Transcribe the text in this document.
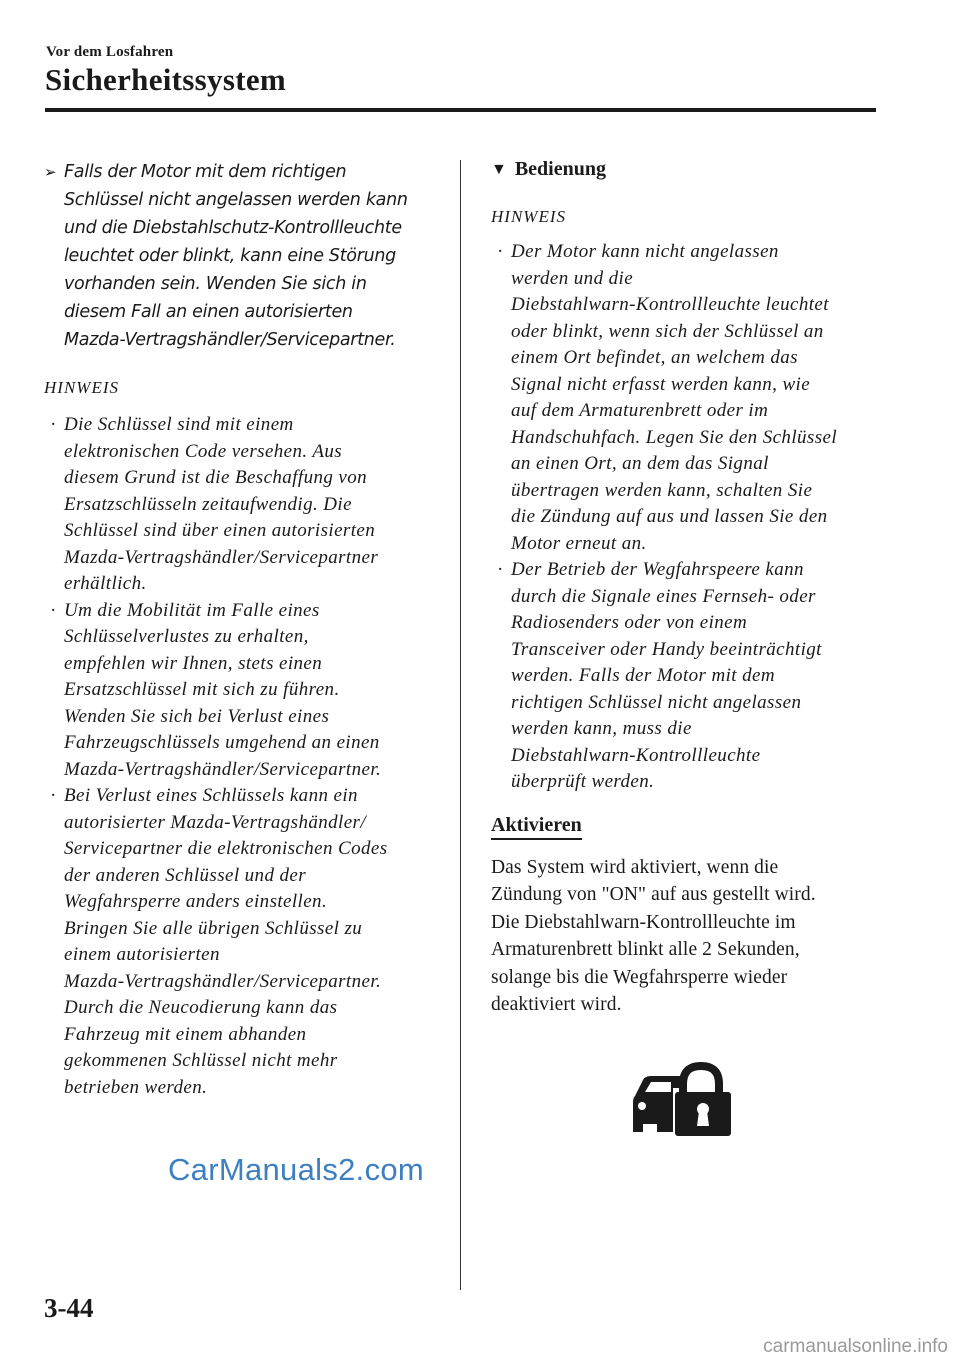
Vor dem Losfahren
Sicherheitssystem
➢ Falls der Motor mit dem richtigen
Schlüssel nicht angelassen werden kann
und die Diebstahlschutz-Kontrollleuchte
leuchtet oder blinkt, kann eine Störung
vorhanden sein. Wenden Sie sich in
diesem Fall an einen autorisierten
Mazda-Vertragshändler/Servicepartner.

HINWEIS

· Die Schlüssel sind mit einem
elektronischen Code versehen. Aus
diesem Grund ist die Beschaffung von
Ersatzschlüsseln zeitaufwendig. Die
Schlüssel sind über einen autorisierten
Mazda-Vertragshändler/Servicepartner
erhältlich.
· Um die Mobilität im Falle eines
Schlüsselverlustes zu erhalten,
empfehlen wir Ihnen, stets einen
Ersatzschlüssel mit sich zu führen.
Wenden Sie sich bei Verlust eines
Fahrzeugschlüssels umgehend an einen
Mazda-Vertragshändler/Servicepartner.
· Bei Verlust eines Schlüssels kann ein
autorisierter Mazda-Vertragshändler/
Servicepartner die elektronischen Codes
der anderen Schlüssel und der
Wegfahrsperre anders einstellen.
Bringen Sie alle übrigen Schlüssel zu
einem autorisierten
Mazda-Vertragshändler/Servicepartner.
Durch die Neucodierung kann das
Fahrzeug mit einem abhanden
gekommenen Schlüssel nicht mehr
betrieben werden.
▼ Bedienung

HINWEIS

· Der Motor kann nicht angelassen
werden und die
Diebstahlwarn-Kontrollleuchte leuchtet
oder blinkt, wenn sich der Schlüssel an
einem Ort befindet, an welchem das
Signal nicht erfasst werden kann, wie
auf dem Armaturenbrett oder im
Handschuhfach. Legen Sie den Schlüssel
an einen Ort, an dem das Signal
übertragen werden kann, schalten Sie
die Zündung auf aus und lassen Sie den
Motor erneut an.
· Der Betrieb der Wegfahrspeere kann
durch die Signale eines Fernseh- oder
Radiosenders oder von einem
Transceiver oder Handy beeinträchtigt
werden. Falls der Motor mit dem
richtigen Schlüssel nicht angelassen
werden kann, muss die
Diebstahlwarn-Kontrollleuchte
überprüft werden.
Aktivieren
Das System wird aktiviert, wenn die
Zündung von "ON" auf aus gestellt wird.
Die Diebstahlwarn-Kontrollleuchte im
Armaturenbrett blinkt alle 2 Sekunden,
solange bis die Wegfahrsperre wieder
deaktiviert wird.
CarManuals2.com
3-44
carmanualsonline.info
